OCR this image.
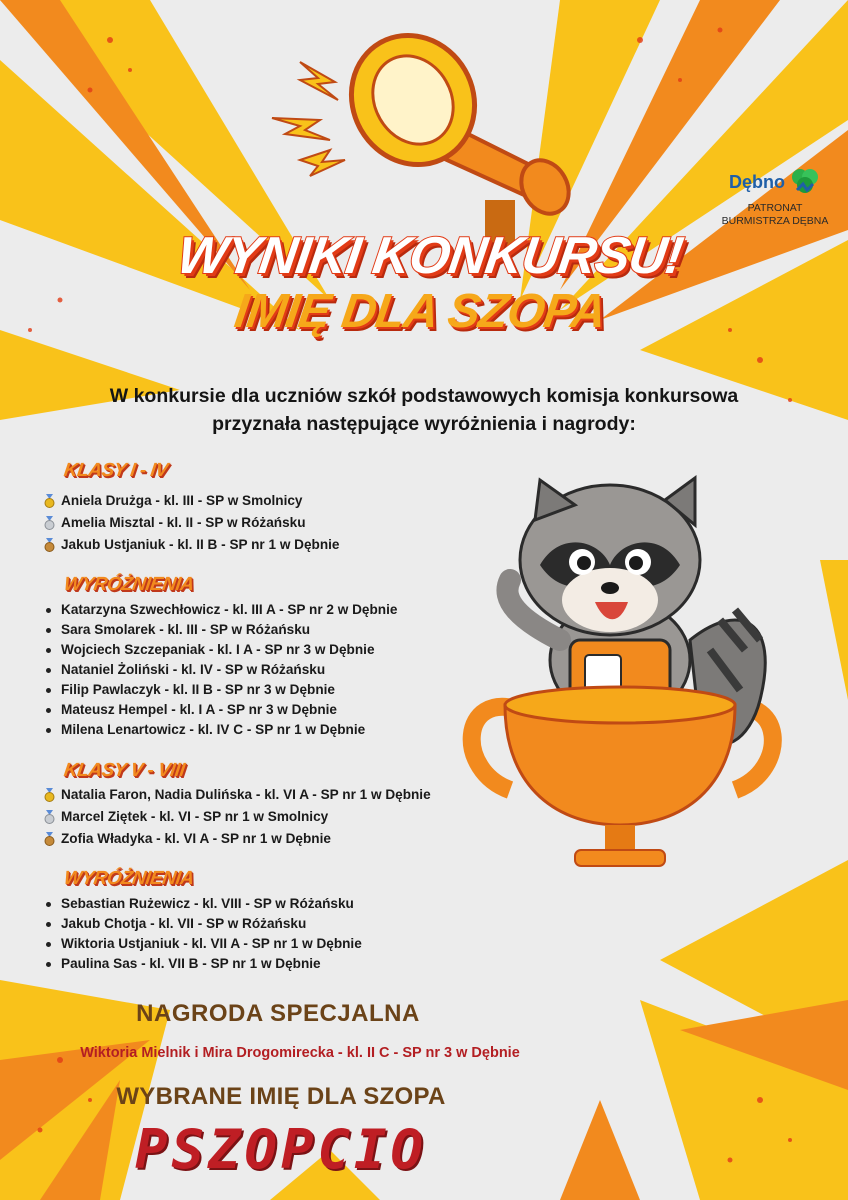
Dębno
PATRONAT
BURMISTRZA DĘBNA
WYNIKI KONKURSU!
IMIĘ DLA SZOPA
W konkursie dla uczniów szkół podstawowych komisja konkursowa
przyznała następujące wyróżnienia i nagrody:
KLASY I - IV
Aniela Drużga - kl. III - SP w Smolnicy
Amelia Misztal - kl. II - SP w Różańsku
Jakub Ustjaniuk - kl. II B - SP nr 1 w Dębnie
WYRÓŻNIENIA
Katarzyna Szwechłowicz - kl. III A - SP nr 2 w Dębnie
Sara Smolarek - kl. III - SP w Różańsku
Wojciech Szczepaniak - kl. I A - SP nr 3 w Dębnie
Nataniel Żoliński - kl. IV - SP w Różańsku
Filip Pawlaczyk - kl. II B - SP nr 3 w Dębnie
Mateusz Hempel - kl. I A - SP nr 3 w Dębnie
Milena Lenartowicz - kl. IV C - SP nr 1 w Dębnie
KLASY V - VIII
Natalia Faron, Nadia Dulińska - kl. VI A - SP nr 1 w Dębnie
Marcel Ziętek - kl. VI - SP nr 1 w Smolnicy
Zofia Władyka - kl. VI A - SP nr 1 w Dębnie
WYRÓŻNIENIA
Sebastian Rużewicz - kl. VIII - SP w Różańsku
Jakub Chotja - kl. VII - SP w Różańsku
Wiktoria Ustjaniuk - kl. VII A - SP nr 1 w Dębnie
Paulina Sas - kl. VII B - SP nr 1 w Dębnie
NAGRODA SPECJALNA
Wiktoria Mielnik i Mira Drogomirecka - kl. II C - SP nr 3 w Dębnie
WYBRANE IMIĘ DLA SZOPA
PSZOPCIO
